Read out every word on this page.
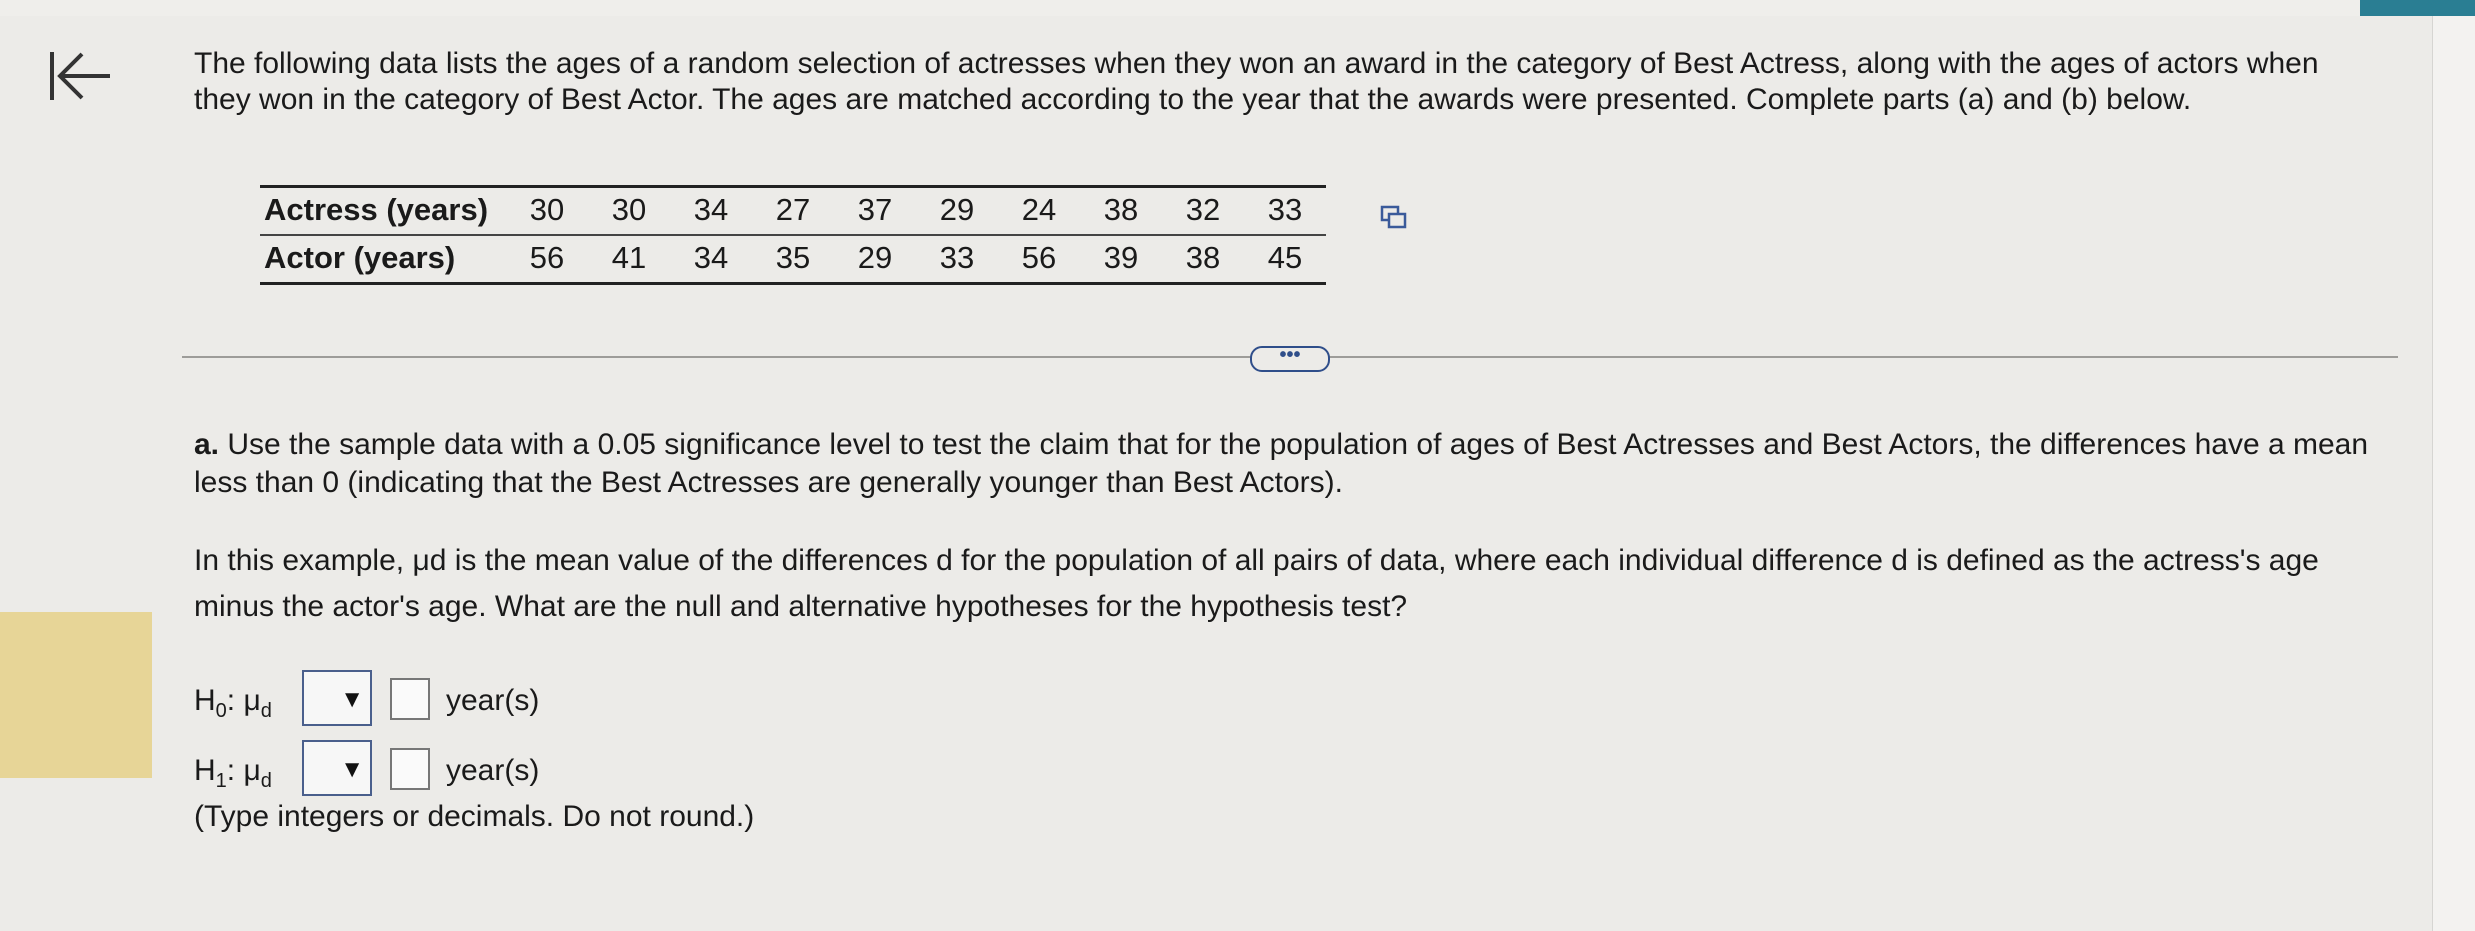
The following data lists the ages of a random selection of actresses when they won an award in the category of Best Actress, along with the ages of actors when they won in the category of Best Actor. The ages are matched according to the year that the awards were presented. Complete parts (a) and (b) below.

Actress (years)	30	30	34	27	37	29	24	38	32	33
Actor (years)	56	41	34	35	29	33	56	39	38	45
•••

a. Use the sample data with a 0.05 significance level to test the claim that for the population of ages of Best Actresses and Best Actors, the differences have a mean less than 0 (indicating that the Best Actresses are generally younger than Best Actors).

In this example, μd is the mean value of the differences d for the population of all pairs of data, where each individual difference d is defined as the actress's age minus the actor's age. What are the null and alternative hypotheses for the hypothesis test?

$H_0$: $\mu_d$	▼	year(s)
$H_1$: $\mu_d$	▼	year(s)

(Type integers or decimals. Do not round.)
